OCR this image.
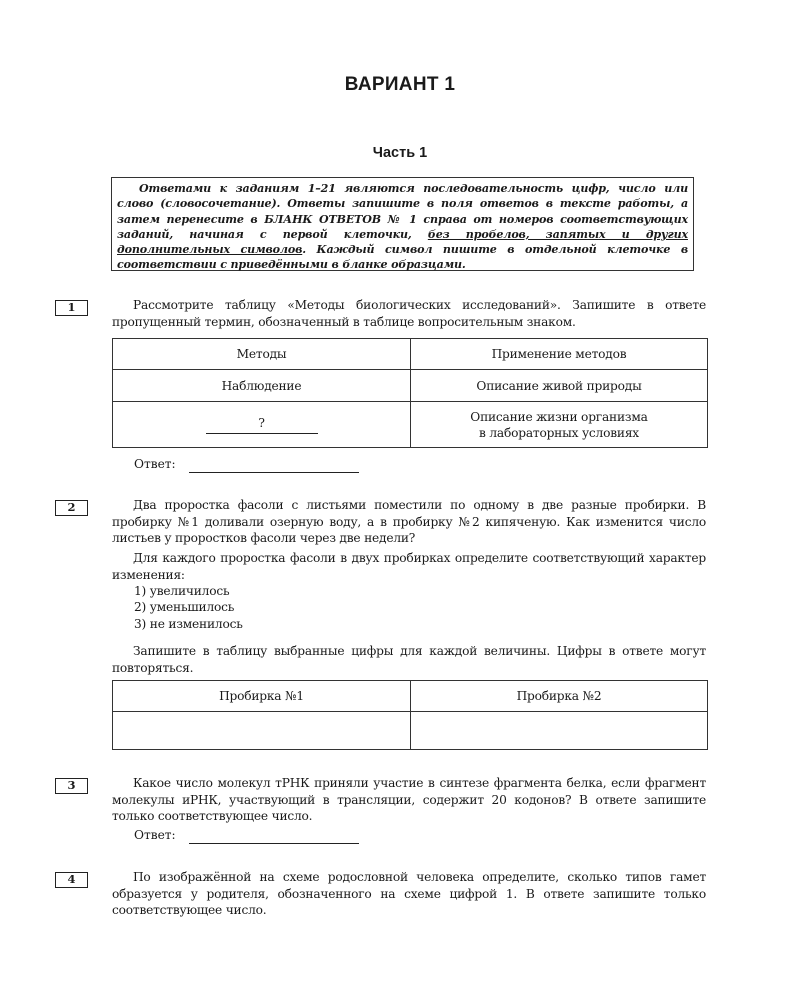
ВАРИАНТ 1
Часть 1
Ответами к заданиям 1–21 являются последовательность цифр, число или слово (словосочетание). Ответы запишите в поля ответов в тексте работы, а затем перенесите в БЛАНК ОТВЕТОВ № 1 справа от номеров соответствующих заданий, начиная с первой клеточки, без пробелов, запятых и других дополнительных символов. Каждый символ пишите в отдельной клеточке в соответствии с приведёнными в бланке образцами.
1	Рассмотрите таблицу «Методы биологических исследований». Запишите в ответе пропущенный термин, обозначенный в таблице вопросительным знаком.
Методы	Применение методов
Наблюдение	Описание живой природы
?	Описание жизни организма
в лабораторных условиях
Ответ:
2	Два проростка фасоли с листьями поместили по одному в две разные пробирки. В пробирку №1 доливали озерную воду, а в пробирку №2 кипяченую. Как изменится число листьев у проростков фасоли через две недели?
Для каждого проростка фасоли в двух пробирках определите соответствующий характер изменения:
1) увеличилось
2) уменьшилось
3) не изменилось
Запишите в таблицу выбранные цифры для каждой величины. Цифры в ответе могут повторяться.
Пробирка №1	Пробирка №2

3	Какое число молекул тРНК приняли участие в синтезе фрагмента белка, если фрагмент молекулы иРНК, участвующий в трансляции, содержит 20 кодонов? В ответе запишите только соответствующее число.
Ответ:
4	По изображённой на схеме родословной человека определите, сколько типов гамет образуется у родителя, обозначенного на схеме цифрой 1. В ответе запишите только соответствующее число.
